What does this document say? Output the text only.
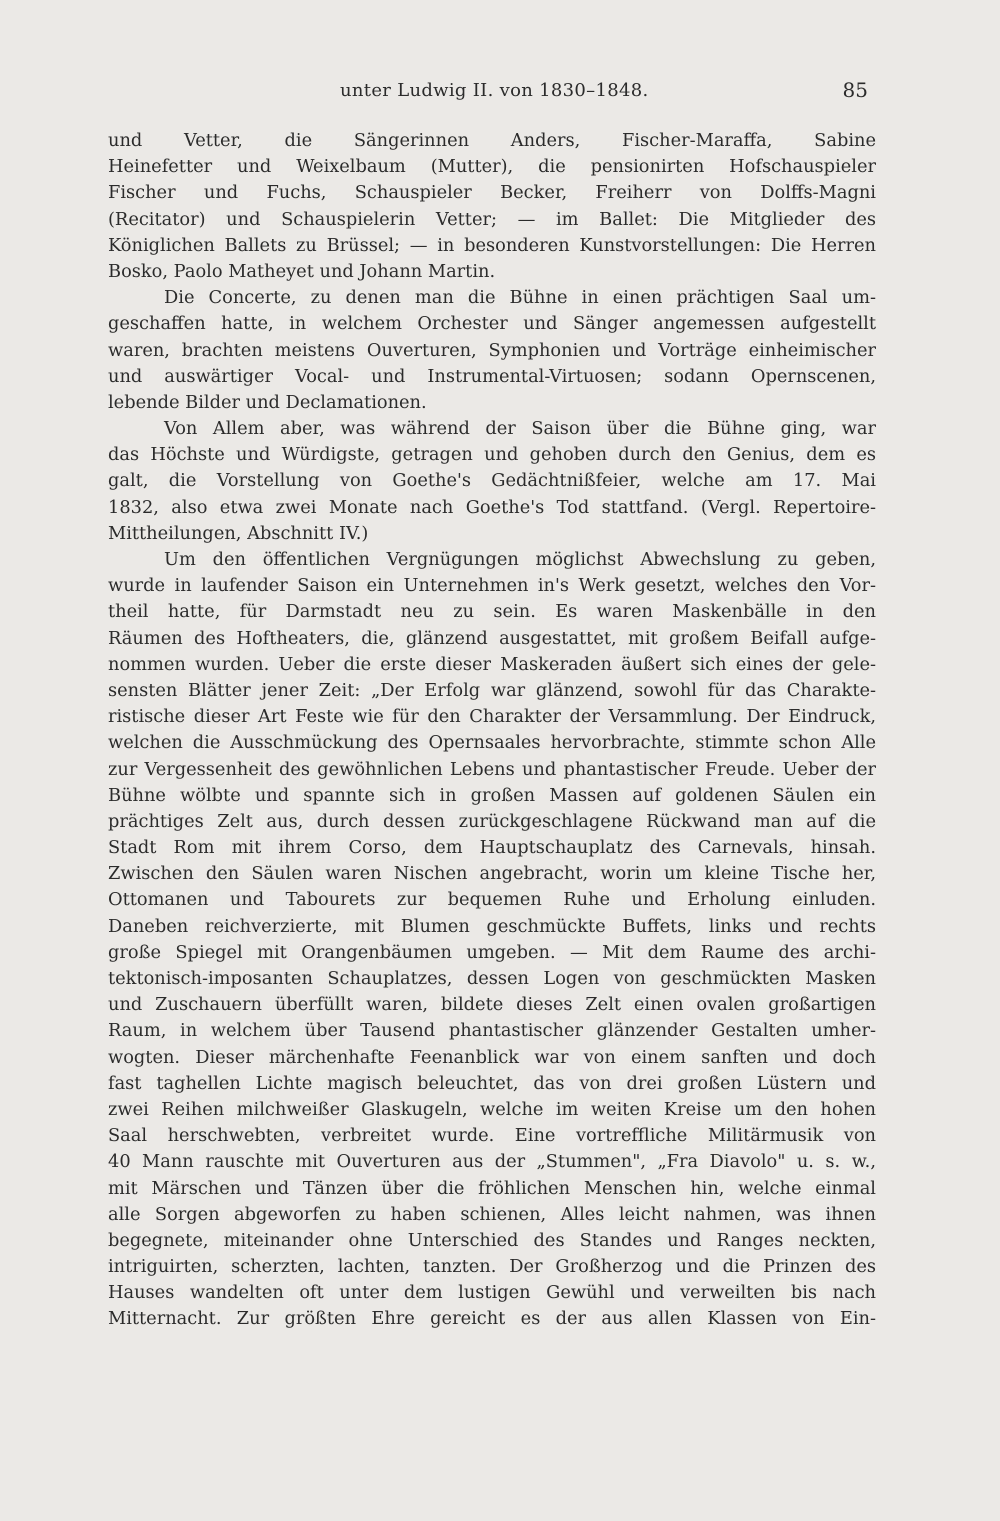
unter Ludwig II. von 1830–1848.	85
und Vetter, die Sängerinnen Anders, Fischer-Maraffa, Sabine
Heinefetter und Weixelbaum (Mutter), die pensionirten Hofschauspieler
Fischer und Fuchs, Schauspieler Becker, Freiherr von Dolffs-Magni
(Recitator) und Schauspielerin Vetter; — im Ballet: Die Mitglieder des
Königlichen Ballets zu Brüssel; — in besonderen Kunstvorstellungen: Die Herren
Bosko, Paolo Matheyet und Johann Martin.
Die Concerte, zu denen man die Bühne in einen prächtigen Saal um-
geschaffen hatte, in welchem Orchester und Sänger angemessen aufgestellt
waren, brachten meistens Ouverturen, Symphonien und Vorträge einheimischer
und auswärtiger Vocal- und Instrumental-Virtuosen; sodann Opernscenen,
lebende Bilder und Declamationen.
Von Allem aber, was während der Saison über die Bühne ging, war
das Höchste und Würdigste, getragen und gehoben durch den Genius, dem es
galt, die Vorstellung von Goethe's Gedächtnißfeier, welche am 17. Mai
1832, also etwa zwei Monate nach Goethe's Tod stattfand. (Vergl. Repertoire-
Mittheilungen, Abschnitt IV.)
Um den öffentlichen Vergnügungen möglichst Abwechslung zu geben,
wurde in laufender Saison ein Unternehmen in's Werk gesetzt, welches den Vor-
theil hatte, für Darmstadt neu zu sein. Es waren Maskenbälle in den
Räumen des Hoftheaters, die, glänzend ausgestattet, mit großem Beifall aufge-
nommen wurden. Ueber die erste dieser Maskeraden äußert sich eines der gele-
sensten Blätter jener Zeit: „Der Erfolg war glänzend, sowohl für das Charakte-
ristische dieser Art Feste wie für den Charakter der Versammlung. Der Eindruck,
welchen die Ausschmückung des Opernsaales hervorbrachte, stimmte schon Alle
zur Vergessenheit des gewöhnlichen Lebens und phantastischer Freude. Ueber der
Bühne wölbte und spannte sich in großen Massen auf goldenen Säulen ein
prächtiges Zelt aus, durch dessen zurückgeschlagene Rückwand man auf die
Stadt Rom mit ihrem Corso, dem Hauptschauplatz des Carnevals, hinsah.
Zwischen den Säulen waren Nischen angebracht, worin um kleine Tische her,
Ottomanen und Tabourets zur bequemen Ruhe und Erholung einluden.
Daneben reichverzierte, mit Blumen geschmückte Buffets, links und rechts
große Spiegel mit Orangenbäumen umgeben. — Mit dem Raume des archi-
tektonisch-imposanten Schauplatzes, dessen Logen von geschmückten Masken
und Zuschauern überfüllt waren, bildete dieses Zelt einen ovalen großartigen
Raum, in welchem über Tausend phantastischer glänzender Gestalten umher-
wogten. Dieser märchenhafte Feenanblick war von einem sanften und doch
fast taghellen Lichte magisch beleuchtet, das von drei großen Lüstern und
zwei Reihen milchweißer Glaskugeln, welche im weiten Kreise um den hohen
Saal herschwebten, verbreitet wurde. Eine vortreffliche Militärmusik von
40 Mann rauschte mit Ouverturen aus der „Stummen", „Fra Diavolo" u. s. w.,
mit Märschen und Tänzen über die fröhlichen Menschen hin, welche einmal
alle Sorgen abgeworfen zu haben schienen, Alles leicht nahmen, was ihnen
begegnete, miteinander ohne Unterschied des Standes und Ranges neckten,
intriguirten, scherzten, lachten, tanzten. Der Großherzog und die Prinzen des
Hauses wandelten oft unter dem lustigen Gewühl und verweilten bis nach
Mitternacht. Zur größten Ehre gereicht es der aus allen Klassen von Ein-
